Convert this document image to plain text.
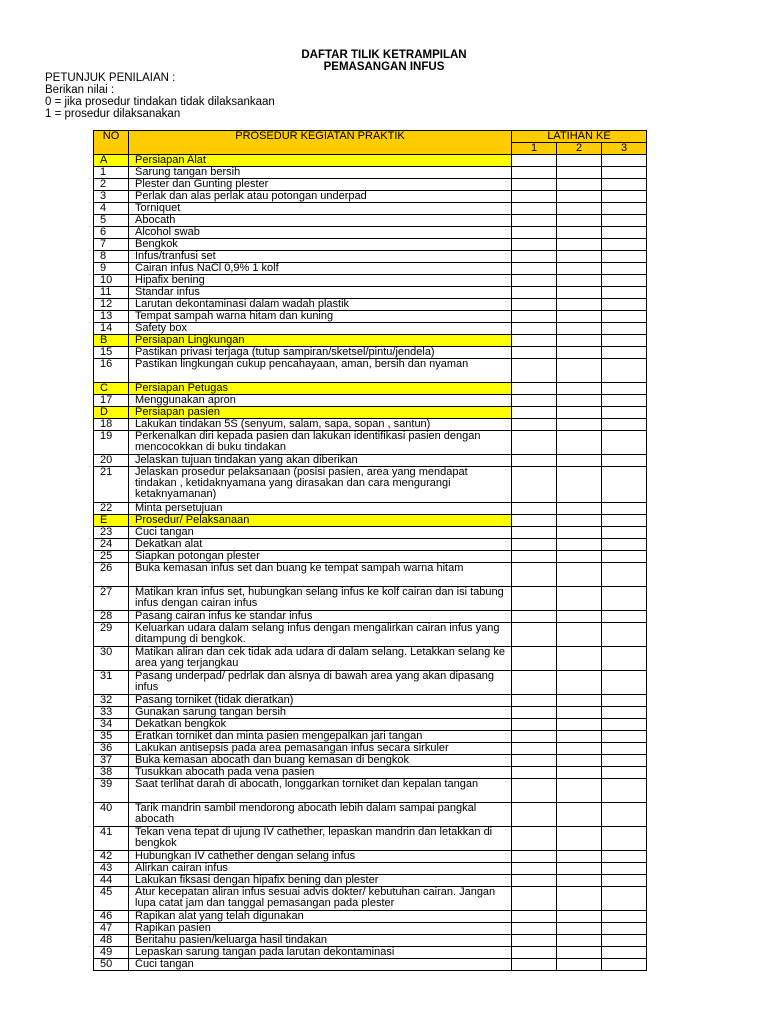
DAFTAR TILIK KETRAMPILAN
PEMASANGAN INFUS
PETUNJUK PENILAIAN :
Berikan nilai :
0 = jika prosedur tindakan tidak dilaksankaan
1 = prosedur dilaksanakan
NO	PROSEDUR KEGIATAN PRAKTIK	LATIHAN KE		
		1	2	3
A	Persiapan Alat			
1	Sarung tangan bersih			
2	Plester dan Gunting plester			
3	Perlak dan alas perlak atau potongan underpad			
4	Torniquet			
5	Abocath			
6	Alcohol swab			
7	Bengkok			
8	Infus/tranfusi set			
9	Cairan infus NaCl 0,9% 1 kolf			
10	Hipafix bening			
11	Standar infus			
12	Larutan dekontaminasi dalam wadah plastik			
13	Tempat sampah warna hitam dan kuning			
14	Safety box			
B	Persiapan Lingkungan			
15	Pastikan privasi terjaga (tutup sampiran/sketsel/pintu/jendela)			
16	Pastikan lingkungan cukup pencahayaan, aman, bersih dan nyaman			
C	Persiapan Petugas			
17	Menggunakan apron			
D	Persiapan pasien			
18	Lakukan tindakan 5S (senyum, salam, sapa, sopan , santun)			
19	Perkenalkan diri kepada pasien dan lakukan identifikasi pasien dengan mencocokkan di buku tindakan			
20	Jelaskan tujuan tindakan yang akan diberikan			
21	Jelaskan prosedur pelaksanaan (posisi pasien, area yang mendapat tindakan , ketidaknyamana yang dirasakan dan cara mengurangi ketaknyamanan)			
22	Minta persetujuan			
E	Prosedur/ Pelaksanaan			
23	Cuci tangan			
24	Dekatkan alat			
25	Siapkan potongan plester			
26	Buka kemasan infus set dan buang ke tempat sampah warna hitam			
27	Matikan kran infus set, hubungkan selang infus ke kolf cairan dan isi tabung infus dengan cairan infus			
28	Pasang cairan infus ke standar infus			
29	Keluarkan udara dalam selang infus dengan mengalirkan cairan infus yang ditampung di bengkok.			
30	Matikan aliran dan cek tidak ada udara di dalam selang. Letakkan selang ke area yang terjangkau			
31	Pasang underpad/ pedrlak dan alsnya di bawah area yang akan dipasang infus			
32	Pasang torniket (tidak dieratkan)			
33	Gunakan sarung tangan bersih			
34	Dekatkan bengkok			
35	Eratkan torniket dan minta pasien mengepalkan jari tangan			
36	Lakukan antisepsis pada area pemasangan infus secara sirkuler			
37	Buka kemasan abocath dan buang kemasan di bengkok			
38	Tusukkan abocath pada vena pasien			
39	Saat terlihat darah di abocath, longgarkan torniket dan kepalan tangan			
40	Tarik mandrin sambil mendorong abocath lebih dalam sampai pangkal abocath			
41	Tekan vena tepat di ujung IV cathether, lepaskan mandrin dan letakkan di bengkok			
42	Hubungkan IV cathether dengan selang infus			
43	Alirkan cairan infus			
44	Lakukan fiksasi dengan hipafix bening dan plester			
45	Atur kecepatan aliran infus sesuai advis dokter/ kebutuhan cairan. Jangan lupa catat jam dan tanggal pemasangan pada plester			
46	Rapikan alat yang telah digunakan			
47	Rapikan pasien			
48	Beritahu pasien/keluarga hasil tindakan			
49	Lepaskan sarung tangan pada larutan dekontaminasi			
50	Cuci tangan			
